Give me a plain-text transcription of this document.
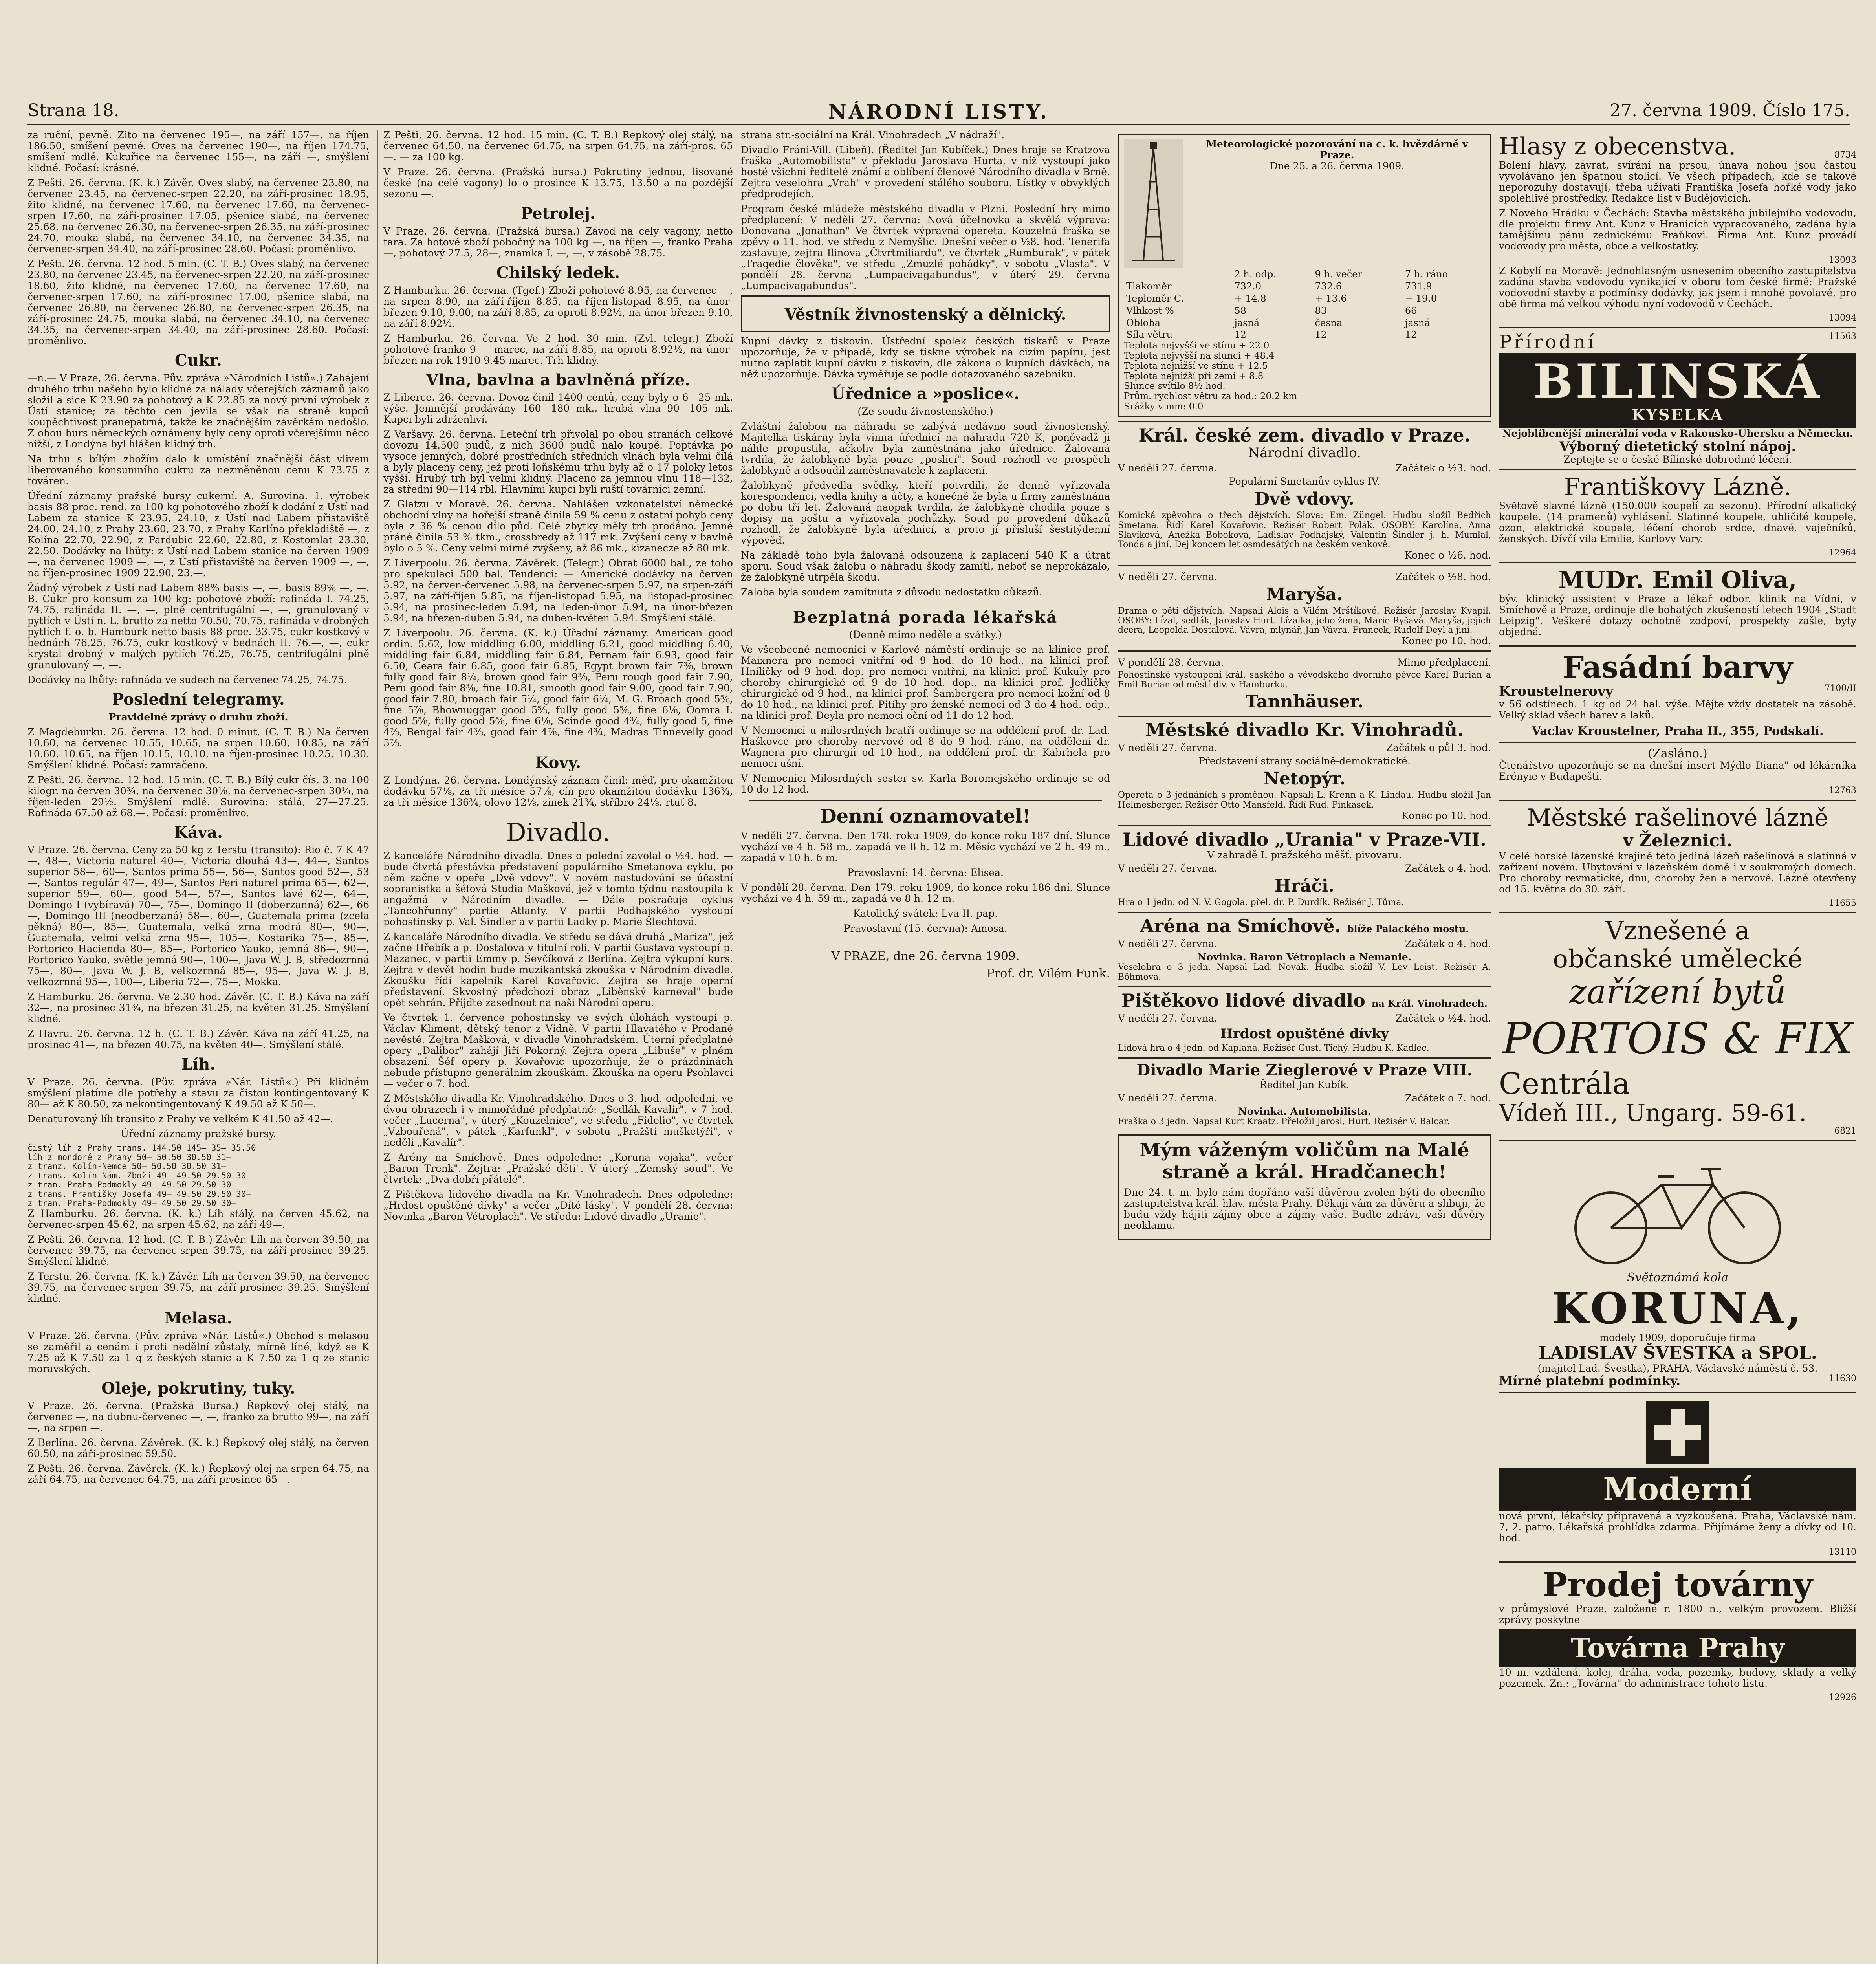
Strana 18.	NÁRODNÍ LISTY.	27. června 1909. Číslo 175.

za ruční, pevně. Žito na červenec 195—, na září 157—, na říjen 186.50, smíšení pevné. Oves na červenec 190—, na říjen 174.75, smíšení mdlé. Kukuřice na červenec 155—, na září —, smýšlení klidné. Počasí: krásné.

Z Pešti. 26. června. (K. k.) Závěr. Oves slabý, na červenec 23.80, na červenec 23.45, na červenec-srpen 22.20, na září-prosinec 18.95, žito klidné, na červenec 17.60, na červenec 17.60, na červenec-srpen 17.60, na září-prosinec 17.05, pšenice slabá, na červenec 25.68, na červenec 26.30, na červenec-srpen 26.35, na září-prosinec 24.70, moukа slabá, na červenec 34.10, na červenec 34.35, na červenec-srpen 34.40, na září-prosinec 28.60. Počasí: proměnlivo.

Z Pešti. 26. června. 12 hod. 5 min. (C. T. B.) Oves slabý, na červenec 23.80, na červenec 23.45, na červenec-srpen 22.20, na září-prosinec 18.60, žito klidné, na červenec 17.60, na červenec 17.60, na červenec-srpen 17.60, na září-prosinec 17.00, pšenice slabá, na červenec 26.80, na červenec 26.80, na červenec-srpen 26.35, na září-prosinec 24.75, moukа slabá, na červenec 34.10, na červenec 34.35, na červenec-srpen 34.40, na září-prosinec 28.60. Počasí: proměnlivo.

Cukr.

—n.— V Praze, 26. června. Pův. zpráva »Národních Listů«.) Zahájení druhého trhu našeho bylo klidné za nálady včerejších záznamů jako složil a sice K 23.90 za pohotový a K 22.85 za nový první výrobek z Ústí stanice; za těchto cen jevila se však na straně kupců koupěchtivost pranepatrná, takže ke značnějším závěrkám nedošlo. Z obou burs německých oznámeny byly ceny oproti včerejšímu něco nižší, z Londýna byl hlášen klidný trh.

Na trhu s bílým zbožím dalo k umístění značnější část vlivem liberovaného konsumního cukru za nezměněnou cenu K 73.75 z továren.

Úřední záznamy pražské bursy cukerní. A. Surovina. 1. výrobek basis 88 proc. rend. za 100 kg pohotového zboží k dodání z Ústí nad Labem za stanice K 23.95, 24.10, z Ústí nad Labem přistaviště 24.00, 24.10, z Prahy 23.60, 23.70, z Prahy Karlína překladiště —, z Kolína 22.70, 22.90, z Pardubic 22.60, 22.80, z Kostomlat 23.30, 22.50. Dodávky na lhůty: z Ústí nad Labem stanice na červen 1909 —, na červenec 1909 —, —, z Ústí přistaviště na červen 1909 —, —, na říjen-prosinec 1909 22.90, 23.—.

Žádný výrobek z Ústí nad Labem 88% basis —, —, basis 89% —, —. B. Cukr pro konsum za 100 kg: pohotové zboží: rafináda I. 74.25, 74.75, rafináda II. —, —, plně centrifugální —, —, granulovaný v pytlích v Ústí n. L. brutto za netto 70.50, 70.75, rafináda v drobných pytlích f. o. b. Hamburk netto basis 88 proc. 33.75, cukr kostkový v bednách 76.25, 76.75, cukr kostkový v bednách II. 76.—, —, cukr krystal drobný v malých pytlích 76.25, 76.75, centrifugální plně granulovaný —, —.

Dodávky na lhůty: rafináda ve sudech na červenec 74.25, 74.75.

Poslední telegramy.

Pravidelné zprávy o druhu zboží.

Z Magdeburku. 26. června. 12 hod. 0 minut. (C. T. B.) Na červen 10.60, na červenec 10.55, 10.65, na srpen 10.60, 10.85, na září 10.60, 10.65, na říjen 10.15, 10.10, na říjen-prosinec 10.25, 10.30. Smýšlení klidné. Počasí: zamračeno.

Z Pešti. 26. června. 12 hod. 15 min. (C. T. B.) Bílý cukr čís. 3. na 100 kilogr. na červen 30¾, na červenec 30⅛, na červenec-srpen 30¼, na říjen-leden 29½. Smýšlení mdlé. Surovina: stálá, 27—27.25. Rafináda 67.50 až 68.—. Počasí: proměnlivo.

Káva.

V Praze. 26. června. Ceny za 50 kg z Terstu (transito): Rio č. 7 K 47—, 48—, Victoria naturel 40—, Victoria dlouhá 43—, 44—, Santos superior 58—, 60—, Santos prima 55—, 56—, Santos good 52—, 53—, Santos regulár 47—, 49—, Santos Peri naturel prima 65—, 62—, superior 59—, 60—, good 54—, 57—, Santos lavé 62—, 64—, Domingo I (vybíravá) 70—, 75—, Domingo II (doberzanná) 62—, 66—, Domingo III (neodberzaná) 58—, 60—, Guatemala prima (zcela pěkná) 80—, 85—, Guatemala, velká zrna modrá 80—, 90—, Guatemala, velmi velká zrna 95—, 105—, Kostarika 75—, 85—, Portorico Hacienda 80—, 85—, Portorico Yauko, jemná 86—, 90—, Portorico Yauko, světle jemná 90—, 100—, Java W. J. B, středozrnná 75—, 80—, Java W. J. B, velkozrnná 85—, 95—, Java W. J. B, velkozrnná 95—, 100—, Liberia 72—, 75—, Mokka.

Z Hamburku. 26. června. Ve 2.30 hod. Závěr. (C. T. B.) Káva na září 32—, na prosinec 31¾, na březen 31.25, na květen 31.25. Smýšlení klidné.

Z Havru. 26. června. 12 h. (C. T. B.) Závěr. Káva na září 41.25, na prosinec 41—, na březen 40.75, na květen 40—. Smýšlení stálé.

Líh.

V Praze. 26. června. (Pův. zpráva »Nár. Listů«.) Při klidném smýšlení platíme dle potřeby a stavu za čistou kontingentovaný K 80— až K 80.50, za nekontingentovaný K 49.50 až K 50—.

Denaturovaný líh transito z Prahy ve velkém K 41.50 až 42—.

Úřední záznamy pražské bursy.

čistý líh z Prahy trans. 144.50 145— 35— 35.50
líh z mondoré z Prahy 50— 50.50 30.50 31—
z tranz. Kolín-Nemce 50— 50.50 30.50 31—
z trans. Kolín Nám. Zboží 49— 49.50 29.50 30—
z tran. Praha Podmokly 49— 49.50 29.50 30—
z trans. Františky Josefa 49— 49.50 29.50 30—
z tran. Praha-Podmokly 49— 49.50 29.50 30—

Z Hamburku. 26. června. (K. k.) Líh stálý, na červen 45.62, na červenec-srpen 45.62, na srpen 45.62, na září 49—.

Z Pešti. 26. června. 12 hod. (C. T. B.) Závěr. Líh na červen 39.50, na červenec 39.75, na červenec-srpen 39.75, na září-prosinec 39.25. Smýšlení klidné.

Z Terstu. 26. června. (K. k.) Závěr. Líh na červen 39.50, na červenec 39.75, na červenec-srpen 39.75, na září-prosinec 39.25. Smýšlení klidné.

Melasa.

V Praze. 26. června. (Pův. zpráva »Nár. Listů«.) Obchod s melasou se zaměřil a cenám i proti nedělní zůstaly, mírně líné, když se K 7.25 až K 7.50 za 1 q z českých stanic a K 7.50 za 1 q ze stanic moravských.

Oleje, pokrutiny, tuky.

V Praze. 26. června. (Pražská Bursa.) Řepkový olej stálý, na červenec —, na dubnu-červenec —, —, franko za brutto 99—, na září —, na srpen —.

Z Berlína. 26. června. Závěrek. (K. k.) Řepkový olej stálý, na červen 60.50, na září-prosinec 59.50.

Z Pešti. 26. června. Závěrek. (K. k.) Řepkový olej na srpen 64.75, na září 64.75, na červenec 64.75, na září-prosinec 65—.

Z Pešti. 26. června. 12 hod. 15 min. (C. T. B.) Řepkový olej stálý, na červenec 64.50, na červenec 64.75, na srpen 64.75, na září-pros. 65—. — za 100 kg.

V Praze. 26. června. (Pražská bursa.) Pokrutiny jednou, lisované české (na celé vagony) lo o prosince K 13.75, 13.50 a na pozdější sezonu —.

Petrolej.

V Praze. 26. června. (Pražská bursa.) Závod na cely vagony, netto tara. Za hotové zboží pobočný na 100 kg —, na říjen —, franko Praha —, pohotový 27.5, 28—, znamka I. —, —, v zásobě 28.75.

Chilský ledek.

Z Hamburku. 26. června. (Tgef.) Zboží pohotové 8.95, na červenec —, na srpen 8.90, na září-říjen 8.85, na říjen-listopad 8.95, na únor-březen 9.10, 9.00, na září 8.85, za oproti 8.92½, na únor-březen 9.10, na září 8.92½.

Z Hamburku. 26. června. Ve 2 hod. 30 min. (Zvl. telegr.) Zboží pohotové franko 9 — marec, na září 8.85, na oproti 8.92½, na únor-březen na rok 1910 9.45 marec. Trh klidný.

Vlna, bavlna a bavlněná příze.

Z Liberce. 26. června. Dovoz činil 1400 centů, ceny byly o 6—25 mk. výše. Jemnější prodávány 160—180 mk., hrubá vlna 90—105 mk. Kupci byli zdrženliví.

Z Varšavy. 26. června. Leteční trh přivolal po obou stranách celkové dovozu 14.500 pudů, z nich 3600 pudů nalo koupě. Poptávka po vysoce jemných, dobré prostředních středních vlnách byla velmi čilá a byly placeny ceny, jež proti loňskému trhu byly až o 17 poloky letos vyšší. Hrubý trh byl velmi klidný. Placeno za jemnou vlnu 118—132, za střední 90—114 rbl. Hlavními kupci byli ruští továrníci zemní.

Z Glatzu v Moravě. 26. června. Nahlášen vzkonatelství německé obchodní vlny na hořejší straně činila 59 % cenu z ostatní pohyb ceny byla z 36 % cenou dílo půd. Celé zbytky měly trh prodáno. Jemné práné činila 53 % tkm., crossbredy až 117 mk. Zvýšení ceny v bavlně bylo o 5 %. Ceny velmi mírné zvýšeny, až 86 mk., kizanecze až 80 mk.

Z Liverpoolu. 26. června. Závěrek. (Telegr.) Obrat 6000 bal., ze toho pro spekulaci 500 bal. Tendenci: — Americké dodávky na červen 5.92, na červen-červenec 5.98, na červenec-srpen 5.97, na srpen-září 5.97, na září-říjen 5.85, na říjen-listopad 5.95, na listopad-prosinec 5.94, na prosinec-leden 5.94, na leden-únor 5.94, na únor-březen 5.94, na březen-duben 5.94, na duben-květen 5.94. Smýšlení stálé.

Z Liverpoolu. 26. června. (K. k.) Úřadní záznamy. American good ordin. 5.62, low middling 6.00, middling 6.21, good middling 6.40, middling fair 6.84, middling fair 6.84, Pernam fair 6.93, good fair 6.50, Ceara fair 6.85, good fair 6.85, Egypt brown fair 7⅜, brown fully good fair 8¼, brown good fair 9⅜, Peru rough good fair 7.90, Peru good fair 8⅜, fine 10.81, smooth good fair 9.00, good fair 7.90, good fair 7.80, broach fair 5¼, good fair 6¼, M. G. Broach good 5⅝, fine 5⅞, Bhownuggar good 5⅝, fully good 5⅝, fine 6⅛, Oomra I. good 5⅝, fully good 5⅝, fine 6⅛, Scinde good 4¾, fully good 5, fine 4⅞, Bengal fair 4⅜, good fair 4⅞, fine 4¾, Madras Tinnevelly good 5⅞.

Kovy.

Z Londýna. 26. června. Londýnský záznam činil: měď, pro okamžitou dodávku 57⅛, za tři měsíce 57⅛, cín pro okamžitou dodávku 136¾, za tři měsíce 136¾, olovo 12⅛, zinek 21¾, stříbro 24⅛, rtuť 8.

Divadlo.

Z kanceláře Národního divadla. Dnes o polední zavolal o ½4. hod. — bude čtvrtá přestávka představení populárního Smetanova cyklu, po něm začne v opeře „Dvě vdovy". V novém nastudování se účastní sopranistka a šéfová Studia Mašková, jež v tomto týdnu nastoupila k angažmá v Národním divadle. — Dále pokračuje cyklus „Tancohřunny" partie Atlanty. V partii Podhajského vystoupí pohostinsky p. Val. Šindler a v partii Ladky p. Marie Šlechtová.

Z kanceláře Národního divadla. Ve středu se dává druhá „Mariza", jež začne Hřebík a p. Dostalova v titulní roli. V partii Gustava vystoupí p. Mazanec, v partii Emmy p. Ševčíková z Berlína. Zejtra výkupní kurs. Zejtra v devět hodin bude muzikantská zkouška v Národním divadle. Zkoušku řídí kapelník Karel Kovařovic. Zejtra se hraje operní představení. Skvostný předchozí obraz „Liběnský karneval" bude opět sehrán. Přijďte zasednout na naši Národní operu.

Ve čtvrtek 1. července pohostinsky ve svých úlohách vystoupí p. Václav Kliment, dětský tenor z Vídně. V partii Hlavatého v Prodané nevěstě. Zejtra Mašková, v divadle Vinohradském. Úterní předplatné opery „Dalibor" zahájí Jiří Pokorný. Zejtra opera „Libuše" v plném obsazení. Šéf opery p. Kovařovic upozorňuje, že o prázdninách nebude přístupno generálním zkouškám. Zkouška na operu Psohlavci — večer o 7. hod.

Z Městského divadla Kr. Vinohradského. Dnes o 3. hod. odpolední, ve dvou obrazech i v mimořádné předplatné: „Sedlák Kavalír", v 7 hod. večer „Lucerna", v úterý „Kouzelnice", ve středu „Fidelio", ve čtvrtek „Vzbouřená", v pátek „Karfunkl", v sobotu „Pražští mušketýři", v neděli „Kavalír".

Z Arény na Smíchově. Dnes odpoledne: „Koruna vojaka", večer „Baron Trenk". Zejtra: „Pražské děti". V úterý „Zemský soud". Ve čtvrtek: „Dva dobří přátelé".

Z Pištěkova lidového divadla na Kr. Vinohradech. Dnes odpoledne: „Hrdost opuštěné dívky" a večer „Dítě lásky". V pondělí 28. června: Novinka „Baron Vétroplach". Ve středu: Lidové divadlo „Uranie".

strana str.-sociální na Král. Vinohradech „V nádraží".

Divadlo Fráni-Vill. (Libeň). (Ředitel Jan Kubíček.) Dnes hraje se Kratzova fraška „Automobilista" v překladu Jaroslava Hurta, v níž vystoupí jako hosté všichni ředitelé známí a oblíbení členové Národního divadla v Brně. Zejtra veselohra „Vrah" v provedení stálého souboru. Lístky v obvyklých předprodejích.

Program české mládeže městského divadla v Plzni. Poslední hry mimo předplacení: V neděli 27. června: Nová účelnovka a skvělá výprava: Donovana „Jonathan" Ve čtvrtek výpravná opereta. Kouzelná fraška se zpěvy o 11. hod. ve středu z Nemyšlic. Dnešní večer o ½8. hod. Tenerifa zastavuje, zejtra Ilinova „Čtvrtmiliardu", ve čtvrtek „Rumburak", v pátek „Tragedie člověka", ve středu „Zmuzlé pohádky", v sobotu „Vlasta". V pondělí 28. června „Lumpacivagabundus", v úterý 29. června „Lumpacivagabundus".

Věstník živnostenský a dělnický.

Kupní dávky z tiskovin. Ústřední spolek českých tiskařů v Praze upozorňuje, že v případě, kdy se tiskne výrobek na cizím papíru, jest nutno zaplatit kupní dávku z tiskovin, dle zákona o kupních dávkách, na něž upozorňuje. Dávka vyměřuje se podle dotazovaného sazebníku.

Úřednice a »poslice«.

(Ze soudu živnostenského.)

Zvláštní žalobou na náhradu se zabývá nedávno soud živnostenský. Majitelka tiskárny byla vinna úřednicí na náhradu 720 K, poněvadž ji náhle propustila, ačkoliv byla zaměstnána jako úřednice. Žalovaná tvrdila, že žalobkyně byla pouze „poslicí". Soud rozhodl ve prospěch žalobkyně a odsoudil zaměstnavatele k zaplacení.

Žalobkyně předvedla svědky, kteří potvrdili, že denně vyřizovala korespondenci, vedla knihy a účty, a konečně že byla u firmy zaměstnána po dobu tří let. Žalovaná naopak tvrdila, že žalobkyně chodila pouze s dopisy na poštu a vyřizovala pochůzky. Soud po provedení důkazů rozhodl, že žalobkyně byla úřednicí, a proto jí přísluší šestitýdenní výpověď.

Na základě toho byla žalovaná odsouzena k zaplacení 540 K a útrat sporu. Soud však žalobu o náhradu škody zamítl, neboť se neprokázalo, že žalobkyně utrpěla škodu.

Zaloba byla soudem zamítnuta z důvodu nedostatku důkazů.

Bezplatná porada lékařská

(Denně mimo neděle a svátky.)

Ve všeobecné nemocnici v Karlově náměstí ordinuje se na klinice prof. Maixnera pro nemoci vnitřní od 9 hod. do 10 hod., na klinici prof. Hniličky od 9 hod. dop. pro nemoci vnitřní, na klinici prof. Kukuly pro choroby chirurgické od 9 do 10 hod. dop., na klinici prof. Jedličky chirurgické od 9 hod., na klinici prof. Šambergera pro nemoci kožní od 8 do 10 hod., na klinici prof. Pitíhy pro ženské nemoci od 3 do 4 hod. odp., na klinici prof. Deyla pro nemoci oční od 11 do 12 hod.

V Nemocnici u milosrdných bratří ordinuje se na oddělení prof. dr. Lad. Haškovce pro choroby nervové od 8 do 9 hod. ráno, na oddělení dr. Wagnera pro chirurgii od 10 hod., na oddělení prof. dr. Kabrhela pro nemoci ušní.

V Nemocnici Milosrdných sester sv. Karla Boromejského ordinuje se od 10 do 12 hod.

Denní oznamovatel!

V neděli 27. června. Den 178. roku 1909, do konce roku 187 dní. Slunce vychází ve 4 h. 58 m., zapadá ve 8 h. 12 m. Měsíc vychází ve 2 h. 49 m., zapadá v 10 h. 6 m.

Pravoslavní: 14. června: Elisea.

V pondělí 28. června. Den 179. roku 1909, do konce roku 186 dní. Slunce vychází ve 4 h. 59 m., zapadá ve 8 h. 12 m.

Katolický svátek: Lva II. pap.

Pravoslavní (15. června): Amosa.

V PRAZE, dne 26. června 1909.
Prof. dr. Vilém Funk.
Meteorologické pozorování na c. k. hvězdárně v Praze.
Dne 25. a 26. června 1909.
	2 h. odp.	9 h. večer	7 h. ráno
Tlakoměr	732.0	732.6	731.9
Teploměr C.	+ 14.8	+ 13.6	+ 19.0
Vlhkost %	58	83	66
Obloha	jasná	česna	jasná
Síla větru	12	12	12
Teplota nejvyšší ve stínu + 22.0
Teplota nejvyšší na slunci + 48.4
Teplota nejnižší ve stínu + 12.5
Teplota nejnižší při zemi + 8.8
Slunce svítilo 8½ hod.
Prům. rychlost větru za hod.: 20.2 km
Srážky v mm: 0.0
Král. české zem. divadlo v Praze.
Národní divadlo.
V neděli 27. června.	Začátek o ½3. hod.
Populární Smetanův cyklus IV.
Dvě vdovy.
Komická zpěvohra o třech dějstvích. Slova: Em. Züngel. Hudbu složil Bedřich Smetana. Řídí Karel Kovařovic. Režisér Robert Polák. OSOBY: Karolína, Anna Slavíková, Anežka Boboková, Ladislav Podhajský, Valentin Šindler j. h. Mumlal, Tonda a jiní. Dej koncem let osmdesátých na českém venkově.
Konec o ½6. hod.
V neděli 27. června.	Začátek o ½8. hod.
Maryša.
Drama o pěti dějstvích. Napsali Alois a Vilém Mrštíkové. Režisér Jaroslav Kvapil. OSOBY: Lízal, sedlák, Jaroslav Hurt. Lízalka, jeho žena, Marie Ryšavá. Maryša, jejich dcera, Leopolda Dostalová. Vávra, mlynář, Jan Vávra. Francek, Rudolf Deyl a jiní.
Konec po 10. hod.
V pondělí 28. června.	Mimo předplacení.
Pohostinské vystoupení král. saského a vévodského dvorního pěvce Karel Burian a Emil Burian od městí div. v Hamburku.
Tannhäuser.
Městské divadlo Kr. Vinohradů.
V neděli 27. června.	Začátek o půl 3. hod.
Představení strany sociálně-demokratické.
Netopýr.
Opereta o 3 jednáních s proměnou. Napsali L. Krenn a K. Lindau. Hudbu složil Jan Helmesberger. Režisér Otto Mansfeld. Řídí Rud. Pinkasek.
Konec po 10. hod.
Lidové divadlo „Urania" v Praze-VII.
V zahradě I. pražského měšť. pivovaru.
V neděli 27. června.	Začátek o 4. hod.
Hráči.
Hra o 1 jedn. od N. V. Gogola, přel. dr. P. Durdík. Režisér J. Tůma.
Aréna na Smíchově. blíže Palackého mostu.
V neděli 27. června.	Začátek o 4. hod.
Novinka. Baron Vétroplach a Nemanie.
Veselohra o 3 jedn. Napsal Lad. Novák. Hudba složil V. Lev Leist. Režisér A. Böhmová.
Pištěkovo lidové divadlo na Král. Vinohradech.
V neděli 27. června.	Začátek o ½4. hod.
Hrdost opuštěné dívky
Lidová hra o 4 jedn. od Kaplana. Režisér Gust. Tichý. Hudbu K. Kadlec.
Divadlo Marie Zieglerové v Praze VIII.
Ředitel Jan Kubík.
V neděli 27. června.	Začátek o 7. hod.
Novinka. Automobilista.
Fraška o 3 jedn. Napsal Kurt Kraatz. Přeložil Jarosl. Hurt. Režisér V. Balcar.
Mým váženým voličům na Malé straně a král. Hradčanech!

Dne 24. t. m. bylo nám dopřáno vaší důvěrou zvolen býti do obecního zastupitelstva král. hlav. města Prahy. Děkuji vám za důvěru a slibuji, že budu vždy hájiti zájmy obce a zájmy vaše. Buďte zdrávi, vaši důvěry neoklamu.

Hlasy z obecenstva.	8734

Bolení hlavy, závrať, svírání na prsou, únava nohou jsou častou vyvoláváno jen špatnou stolicí. Ve všech případech, kde se takové neporozuhy dostavují, třeba užívati Františka Josefa hořké vody jako spolehlivé prostředky. Redakce list v Budějovicích.

Z Nového Hrádku v Čechách: Stavba městského jubilejního vodovodu, dle projektu firmy Ant. Kunz v Hranicích vypracovaného, zadána byla tamějšímu pánu zednickému Fraňkovi. Firma Ant. Kunz provádí vodovody pro města, obce a velkostatky.

13093

Z Kobylí na Moravě: Jednohlasným usnesením obecního zastupitelstva zadána stavba vodovodu vynikající v oboru tom české firmě: Pražské vodovodní stavby a podmínky dodávky, jak jsem i mnohé povolavé, pro obě firma má velkou výhodu nyní vodovodů v Čechách.

13094
Přírodní	11563
BILINSKÁ
KYSELKA
Nejoblíbenější minerální voda v Rakousko-Uhersku a Německu.
Výborný dietetický stolní nápoj.
Zeptejte se o české Bílinské dobrodiné léčení.
Františkovy Lázně.

Světově slavné lázně (150.000 koupelí za sezonu). Přírodní alkalický koupele. (14 pramenů) vyhlásení. Slatinné koupele, uhličité koupele, ozon, elektrické koupele, léčení chorob srdce, dnavé, vaječníků, ženských. Dívčí vila Emilie, Karlovy Vary.

12964
MUDr. Emil Oliva,

býv. klinický assistent v Praze a lékař odbor. klinik na Vídni, v Smíchově a Praze, ordinuje dle bohatých zkušeností letech 1904 „Stadt Leipzig". Veškeré dotazy ochotně zodpoví, prospekty zašle, byty objedná.

Fasádní barvy
Kroustelnerovy	7100/II

v 56 odstínech. 1 kg od 24 hal. výše. Mějte vždy dostatek na zásobě. Velký sklad všech barev a laků.

Vaclav Kroustelner, Praha II., 355, Podskalí.
(Zasláno.)

Čtenářstvo upozorňuje se na dnešní insert Mýdlo Diana" od lékárníka Erényie v Budapešti.

12763
Městské rašelinové lázně
v Železnici.

V celé horské lázenské krajině této jediná lázeň rašelinová a slatinná v zařízení novém. Ubytování v lázeňském domě i v soukromých domech. Pro choroby revmatické, dnu, choroby žen a nervové. Lázně otevřeny od 15. května do 30. září.

11655
Vznešené a
občanské umělecké
zařízení bytů
PORTOIS & FIX
Centrála
Vídeň III., Ungarg. 59-61.
6821
Světoznámá kola
KORUNA,
modely 1909, doporučuje firma
LADISLAV ŠVESTKA a SPOL.
(majitel Lad. Švestka), PRAHA, Václavské náměstí č. 53.
Mírné platební podmínky.	11630
Moderní

nová první, lékařsky připravená a vyzkoušená. Praha, Václavské nám. 7, 2. patro. Lékařská prohlídka zdarma. Přijímáme ženy a dívky od 10. hod.

13110
Prodej továrny

v průmyslové Praze, založené r. 1800 n., velkým provozem. Bližší zprávy poskytne

Továrna Prahy

10 m. vzdálená, kolej, dráha, voda, pozemky, budovy, sklady a velký pozemek. Zn.: „Továrna" do administrace tohoto listu.

12926
